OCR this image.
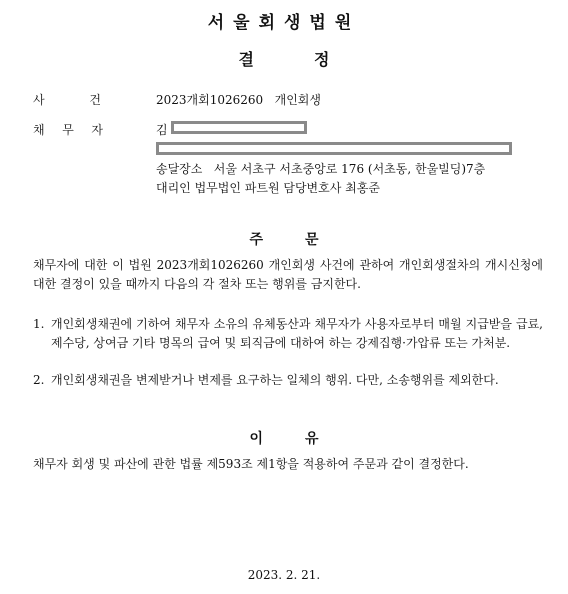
서울회생법원
결	정
사	건	2023개회1026260   개인회생
채 무 자	김
송달장소   서울 서초구 서초중앙로 176 (서초동, 한울빌딩)7층
대리인 법무법인 파트원 담당변호사 최홍준
주	문
채무자에 대한 이 법원 2023개회1026260 개인회생 사건에 관하여 개인회생절차의 개시신청에 대한 결정이 있을 때까지 다음의 각 절차 또는 행위를 금지한다.
1. 개인회생채권에 기하여 채무자 소유의 유체동산과 채무자가 사용자로부터 매월 지급받을 급료, 제수당, 상여금 기타 명목의 급여 및 퇴직금에 대하여 하는 강제집행·가압류 또는 가처분.
2. 개인회생채권을 변제받거나 변제를 요구하는 일체의 행위. 다만, 소송행위를 제외한다.
이	유
채무자 회생 및 파산에 관한 법률 제593조 제1항을 적용하여 주문과 같이 결정한다.
2023. 2. 21.
